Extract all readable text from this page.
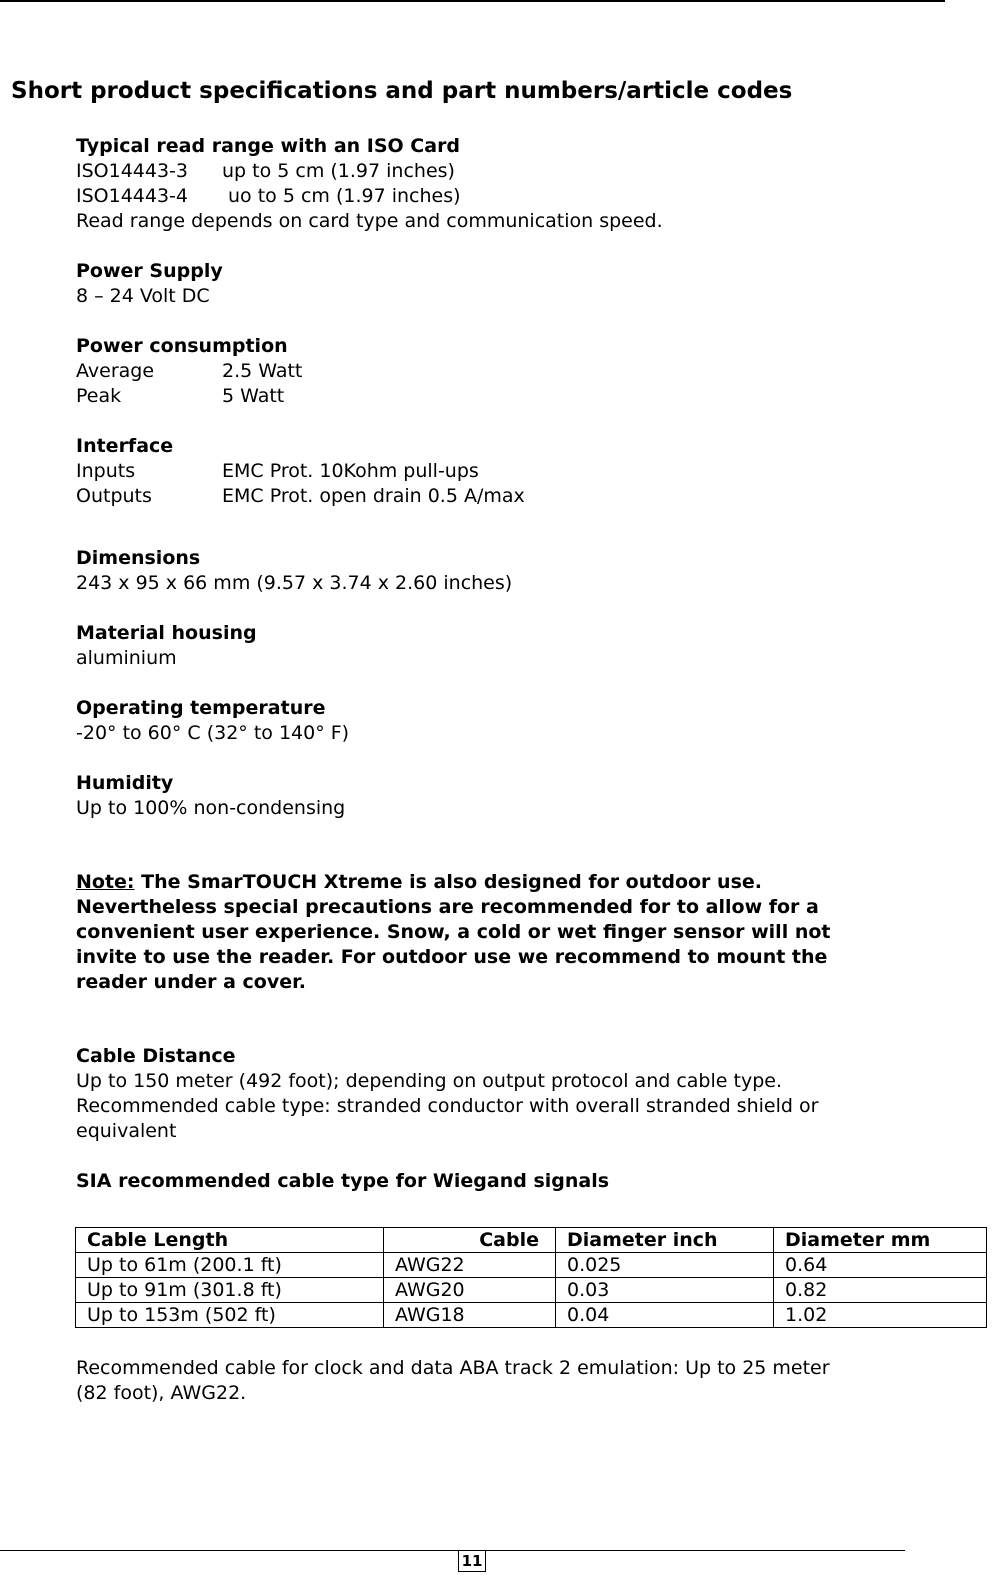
Short product specifications and part numbers/article codes

Typical read range with an ISO Card

ISO14443-3	up to 5 cm (1.97 inches)
ISO14443-4	uo to 5 cm (1.97 inches)

Read range depends on card type and communication speed.

Power Supply

8 – 24 Volt DC

Power consumption

Average	2.5 Watt
Peak	5 Watt

Interface

Inputs	EMC Prot. 10Kohm pull-ups
Outputs	EMC Prot. open drain 0.5 A/max

Dimensions

243 x 95 x 66 mm (9.57 x 3.74 x 2.60 inches)

Material housing

aluminium

Operating temperature

-20° to 60° C (32° to 140° F)

Humidity

Up to 100% non-condensing

Note: The SmarTOUCH Xtreme is also designed for outdoor use.
Nevertheless special precautions are recommended for to allow for a
convenient user experience. Snow, a cold or wet finger sensor will not
invite to use the reader. For outdoor use we recommend to mount the
reader under a cover.

Cable Distance

Up to 150 meter (492 foot); depending on output protocol and cable type.

Recommended cable type: stranded conductor with overall stranded shield or

equivalent

SIA recommended cable type for Wiegand signals

Cable Length	Cable	Diameter inch	Diameter mm
Up to 61m (200.1 ft)	AWG22	0.025	0.64
Up to 91m (301.8 ft)	AWG20	0.03	0.82
Up to 153m (502 ft)	AWG18	0.04	1.02
Recommended cable for clock and data ABA track 2 emulation: Up to 25 meter
(82 foot), AWG22.
11
